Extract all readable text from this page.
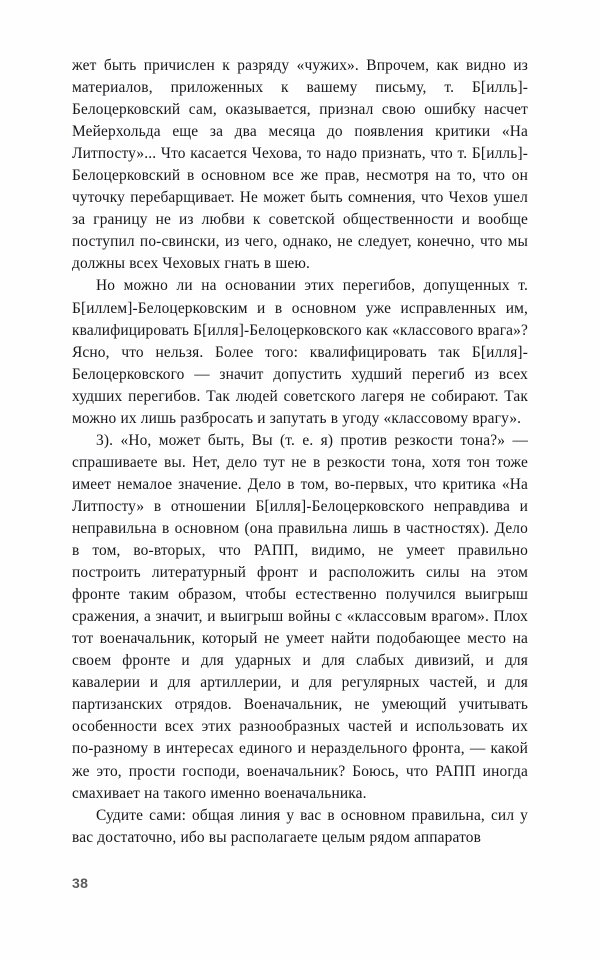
жет быть причислен к разряду «чужих». Впрочем, как видно из материалов, приложенных к вашему письму, т. Б[илль]-Белоцерковский сам, оказывается, признал свою ошибку насчет Мейерхольда еще за два месяца до появления критики «На Литпосту»... Что касается Чехова, то надо признать, что т. Б[илль]-Белоцерковский в основном все же прав, несмотря на то, что он чуточку перебарщивает. Не может быть сомнения, что Чехов ушел за границу не из любви к советской общественности и вообще поступил по-свински, из чего, однако, не следует, конечно, что мы должны всех Чеховых гнать в шею.

Но можно ли на основании этих перегибов, допущенных т. Б[иллем]-Белоцерковским и в основном уже исправленных им, квалифицировать Б[илля]-Белоцерковского как «классового врага»? Ясно, что нельзя. Более того: квалифицировать так Б[илля]-Белоцерковского — значит допустить худший перегиб из всех худших перегибов. Так людей советского лагеря не собирают. Так можно их лишь разбросать и запутать в угоду «классовому врагу».

3). «Но, может быть, Вы (т. е. я) против резкости тона?» — спрашиваете вы. Нет, дело тут не в резкости тона, хотя тон тоже имеет немалое значение. Дело в том, во-первых, что критика «На Литпосту» в отношении Б[илля]-Белоцерковского неправдива и неправильна в основном (она правильна лишь в частностях). Дело в том, во-вторых, что РАПП, видимо, не умеет правильно построить литературный фронт и расположить силы на этом фронте таким образом, чтобы естественно получился выигрыш сражения, а значит, и выигрыш войны с «классовым врагом». Плох тот военачальник, который не умеет найти подобающее место на своем фронте и для ударных и для слабых дивизий, и для кавалерии и для артиллерии, и для регулярных частей, и для партизанских отрядов. Военачальник, не умеющий учитывать особенности всех этих разнообразных частей и использовать их по-разному в интересах единого и нераздельного фронта, — какой же это, прости господи, военачальник? Боюсь, что РАПП иногда смахивает на такого именно военачальника.

Судите сами: общая линия у вас в основном правильна, сил у вас достаточно, ибо вы располагаете целым рядом аппаратов

38
